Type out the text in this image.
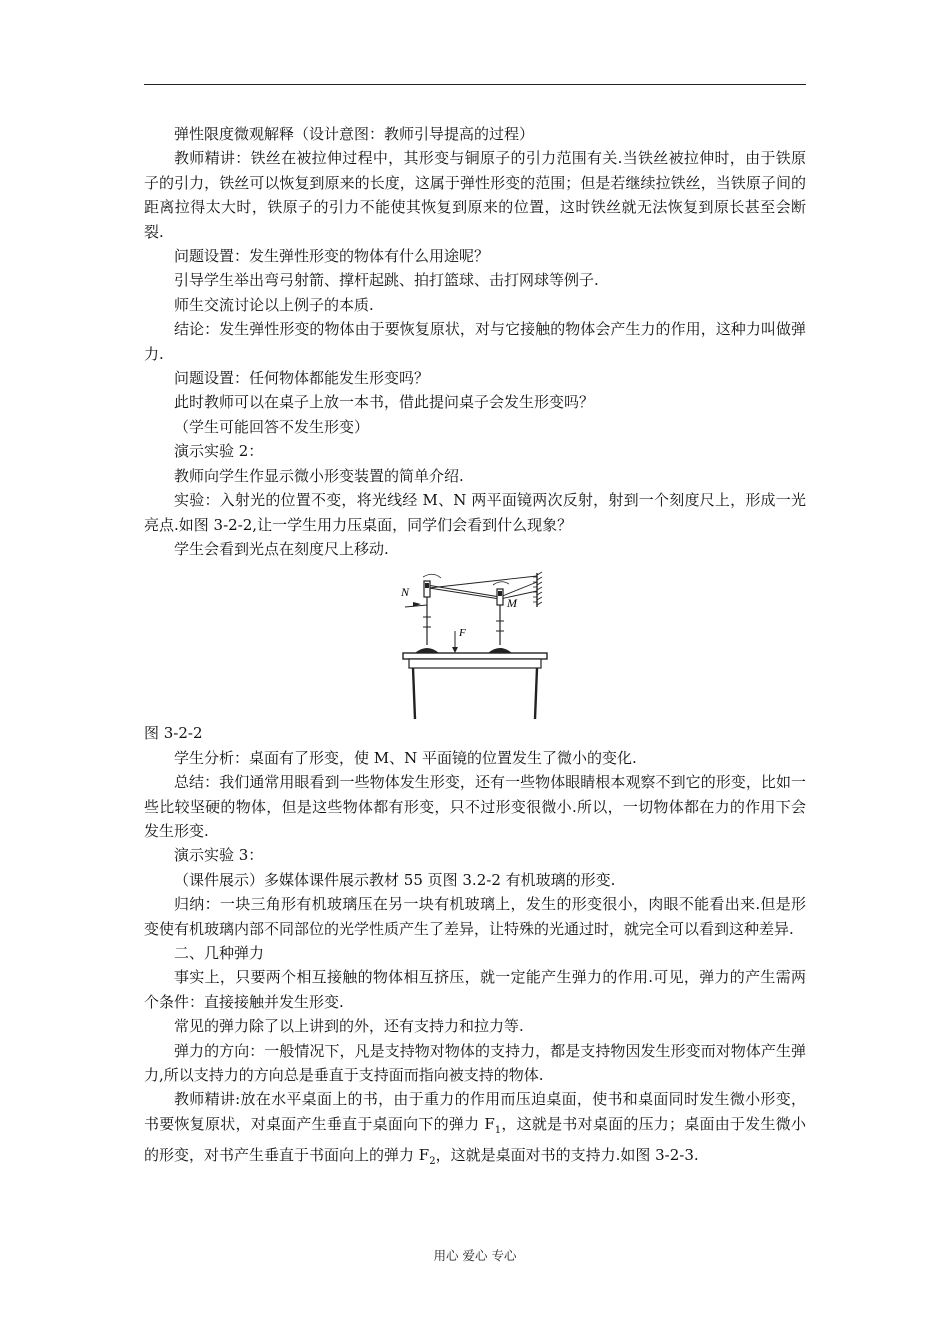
弹性限度微观解释（设计意图：教师引导提高的过程）

教师精讲：铁丝在被拉伸过程中，其形变与铜原子的引力范围有关.当铁丝被拉伸时，由于铁原子的引力，铁丝可以恢复到原来的长度，这属于弹性形变的范围；但是若继续拉铁丝，当铁原子间的距离拉得太大时，铁原子的引力不能使其恢复到原来的位置，这时铁丝就无法恢复到原长甚至会断裂.

问题设置：发生弹性形变的物体有什么用途呢？

引导学生举出弯弓射箭、撑杆起跳、拍打篮球、击打网球等例子.

师生交流讨论以上例子的本质.

结论：发生弹性形变的物体由于要恢复原状，对与它接触的物体会产生力的作用，这种力叫做弹力.

问题设置：任何物体都能发生形变吗？

此时教师可以在桌子上放一本书，借此提问桌子会发生形变吗？

（学生可能回答不发生形变）

演示实验 2：

教师向学生作显示微小形变装置的简单介绍.

实验：入射光的位置不变，将光线经 M、N 两平面镜两次反射，射到一个刻度尺上，形成一光亮点.如图 3-2-2,让一学生用力压桌面，同学们会看到什么现象？

学生会看到光点在刻度尺上移动.

N
M
F

图 3-2-2

学生分析：桌面有了形变，使 M、N 平面镜的位置发生了微小的变化.

总结：我们通常用眼看到一些物体发生形变，还有一些物体眼睛根本观察不到它的形变，比如一些比较坚硬的物体，但是这些物体都有形变，只不过形变很微小.所以，一切物体都在力的作用下会发生形变.

演示实验 3：

（课件展示）多媒体课件展示教材 55 页图 3.2-2 有机玻璃的形变.

归纳：一块三角形有机玻璃压在另一块有机玻璃上，发生的形变很小，肉眼不能看出来.但是形变使有机玻璃内部不同部位的光学性质产生了差异，让特殊的光通过时，就完全可以看到这种差异.

二、几种弹力

事实上，只要两个相互接触的物体相互挤压，就一定能产生弹力的作用.可见，弹力的产生需两个条件：直接接触并发生形变.

常见的弹力除了以上讲到的外，还有支持力和拉力等.

弹力的方向：一般情况下，凡是支持物对物体的支持力，都是支持物因发生形变而对物体产生弹力,所以支持力的方向总是垂直于支持面而指向被支持的物体.

教师精讲:放在水平桌面上的书，由于重力的作用而压迫桌面，使书和桌面同时发生微小形变，书要恢复原状，对桌面产生垂直于桌面向下的弹力 $F_1$，这就是书对桌面的压力；桌面由于发生微小的形变，对书产生垂直于书面向上的弹力 $F_2$，这就是桌面对书的支持力.如图 3-2-3.

用心 爱心 专心
